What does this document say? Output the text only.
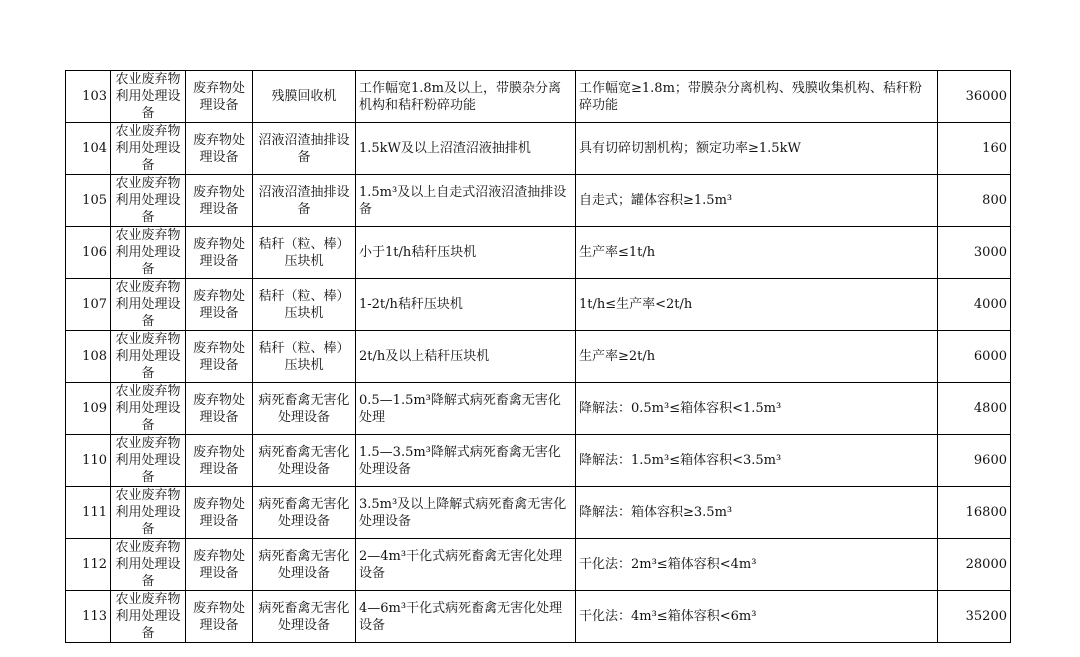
103	农业废弃物利用处理设备	废弃物处理设备	残膜回收机	工作幅宽1.8m及以上，带膜杂分离机构和秸秆粉碎功能	工作幅宽≥1.8m；带膜杂分离机构、残膜收集机构、秸秆粉碎功能	36000
104	农业废弃物利用处理设备	废弃物处理设备	沼液沼渣抽排设备	1.5kW及以上沼渣沼液抽排机	具有切碎切割机构；额定功率≥1.5kW	160
105	农业废弃物利用处理设备	废弃物处理设备	沼液沼渣抽排设备	1.5m³及以上自走式沼液沼渣抽排设备	自走式；罐体容积≥1.5m³	800
106	农业废弃物利用处理设备	废弃物处理设备	秸秆（粒、棒）压块机	小于1t/h秸秆压块机	生产率≤1t/h	3000
107	农业废弃物利用处理设备	废弃物处理设备	秸秆（粒、棒）压块机	1-2t/h秸秆压块机	1t/h≤生产率<2t/h	4000
108	农业废弃物利用处理设备	废弃物处理设备	秸秆（粒、棒）压块机	2t/h及以上秸秆压块机	生产率≥2t/h	6000
109	农业废弃物利用处理设备	废弃物处理设备	病死畜禽无害化处理设备	0.5—1.5m³降解式病死畜禽无害化处理	降解法：0.5m³≤箱体容积<1.5m³	4800
110	农业废弃物利用处理设备	废弃物处理设备	病死畜禽无害化处理设备	1.5—3.5m³降解式病死畜禽无害化处理设备	降解法：1.5m³≤箱体容积<3.5m³	9600
111	农业废弃物利用处理设备	废弃物处理设备	病死畜禽无害化处理设备	3.5m³及以上降解式病死畜禽无害化处理设备	降解法：箱体容积≥3.5m³	16800
112	农业废弃物利用处理设备	废弃物处理设备	病死畜禽无害化处理设备	2—4m³干化式病死畜禽无害化处理设备	干化法：2m³≤箱体容积<4m³	28000
113	农业废弃物利用处理设备	废弃物处理设备	病死畜禽无害化处理设备	4—6m³干化式病死畜禽无害化处理设备	干化法：4m³≤箱体容积<6m³	35200
